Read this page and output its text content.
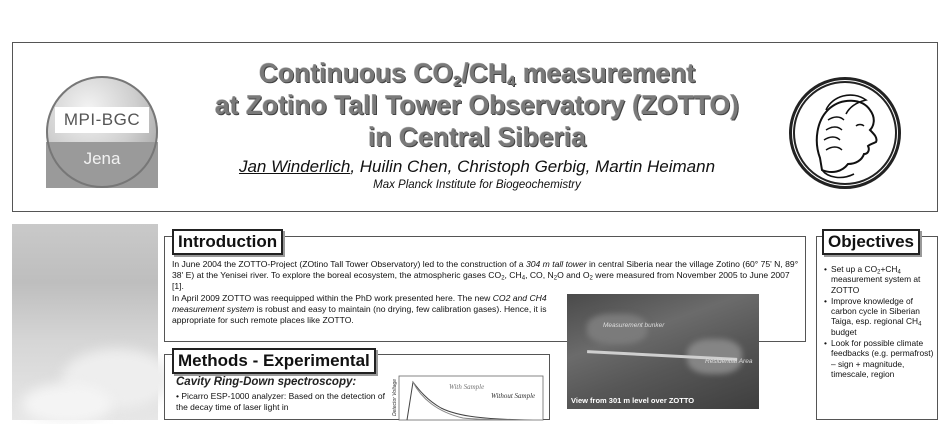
MPI-BGC
Jena
Continuous $CO_2/CH_4$ measurement
at Zotino Tall Tower Observatory (ZOTTO)
in Central Siberia
Jan Winderlich, Huilin Chen, Christoph Gerbig, Martin Heimann
Max Planck Institute for Biogeochemistry
Introduction

In June 2004 the ZOTTO-Project (ZOtino Tall Tower Observatory) led to the construction of a 304 m tall tower in central Siberia near the village Zotino (60° 75' N, 89° 38' E) at the Yenisei river. To explore the boreal ecosystem, the atmospheric gases $CO_2$, $CH_4$, CO, $N_2O$ and $O_2$ were measured from November 2005 to June 2007 [1].

In April 2009 ZOTTO was reequipped within the PhD work presented here. The new CO2 and CH4 measurement system is robust and easy to maintain (no drying, few calibration gases). Hence, it is appropriate for such remote places like ZOTTO.

Measurement bunker
Residential Area
View from 301 m level over ZOTTO
Methods - Experimental
Cavity Ring-Down spectroscopy:
• Picarro ESP-1000 analyzer: Based on the detection of the decay time of laser light in	Detector Voltage	With Sample
Without Sample
Objectives
• Set up a $CO_2+CH_4$ measurement system at ZOTTO
• Improve knowledge of carbon cycle in Siberian Taiga, esp. regional $CH_4$ budget
• Look for possible climate feedbacks (e.g. permafrost) – sign + magnitude, timescale, region
